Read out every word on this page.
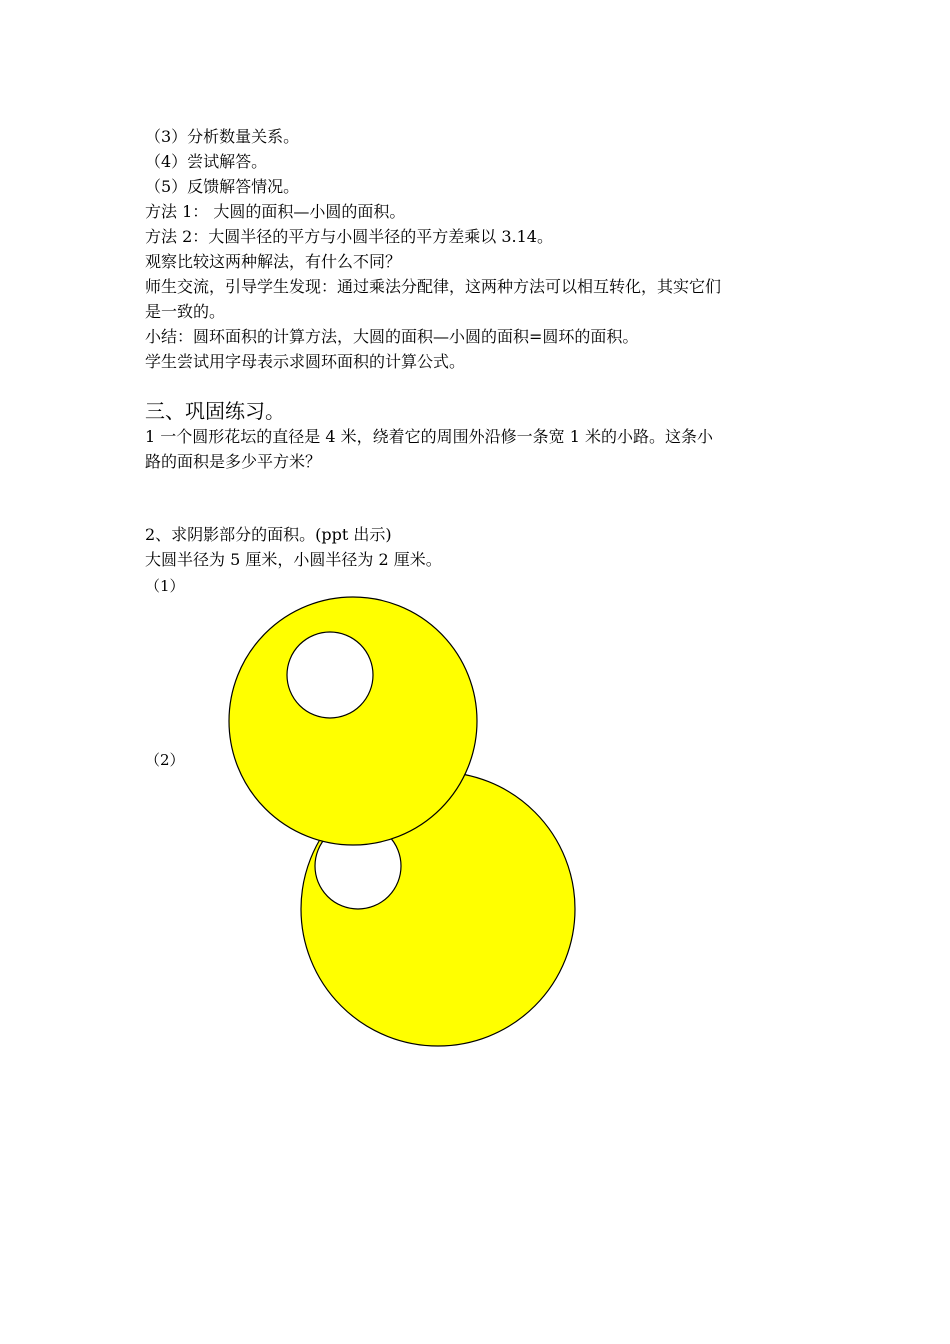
（3）分析数量关系。
（4）尝试解答。
（5）反馈解答情况。
方法 1： 大圆的面积—小圆的面积。
方法 2：大圆半径的平方与小圆半径的平方差乘以 3.14。
观察比较这两种解法，有什么不同？
师生交流，引导学生发现：通过乘法分配律，这两种方法可以相互转化，其实它们
是一致的。
小结：圆环面积的计算方法，大圆的面积—小圆的面积=圆环的面积。
学生尝试用字母表示求圆环面积的计算公式。
三、巩固练习。
1 一个圆形花坛的直径是 4 米，绕着它的周围外沿修一条宽 1 米的小路。这条小
路的面积是多少平方米？
2、求阴影部分的面积。(ppt 出示)
大圆半径为 5 厘米，小圆半径为 2 厘米。
（1）
（2）
